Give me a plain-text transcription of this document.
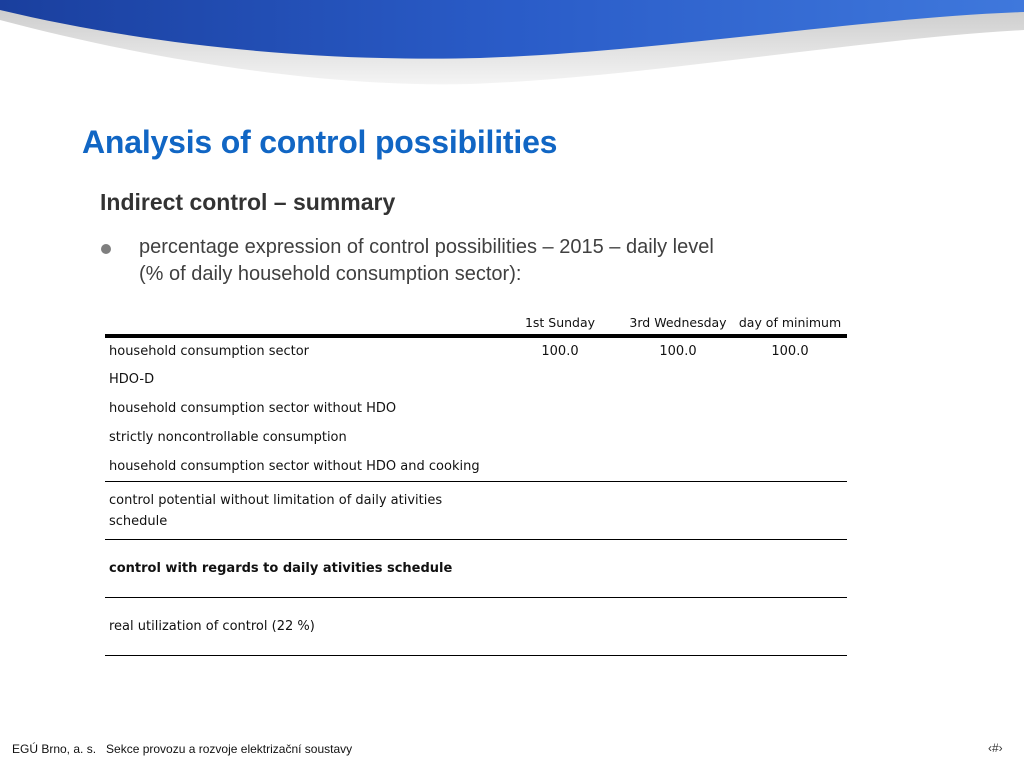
Analysis of control possibilities
Indirect control – summary

percentage expression of control possibilities – 2015 – daily level
(% of daily household consumption sector):

	1st Sunday	3rd Wednesday	day of minimum
household consumption sector	100.0	100.0	100.0
HDO-D			
household consumption sector without HDO			
strictly noncontrollable consumption			
household consumption sector without HDO and cooking			

control potential without limitation of daily ativities
schedule			

control with regards to daily ativities schedule			
real utilization of control (22 %)			

EGÚ Brno, a. s.   Sekce provozu a rozvoje elektrizační soustavy	‹#›
